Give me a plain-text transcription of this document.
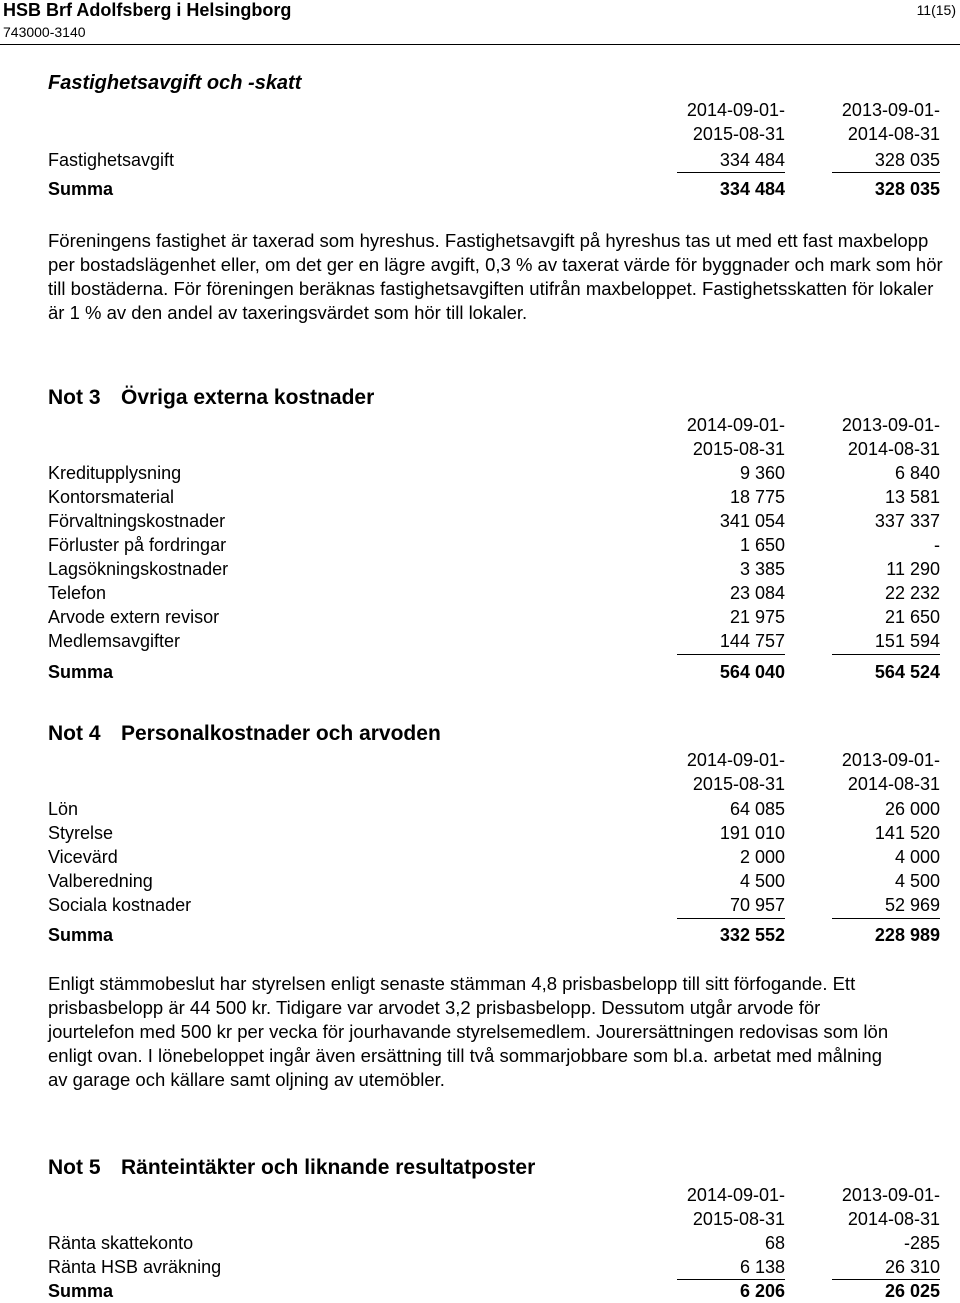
HSB Brf Adolfsberg i Helsingborg
743000-3140
11(15)
Fastighetsavgift och -skatt
2014-09-01-
2015-08-31
2013-09-01-
2014-08-31
Fastighetsavgift	334 484	328 035
Summa	334 484	328 035
Föreningens fastighet är taxerad som hyreshus. Fastighetsavgift på hyreshus tas ut med ett fast maxbelopp per bostadslägenhet eller, om det ger en lägre avgift, 0,3 % av taxerat värde för byggnader och mark som hör till bostäderna. För föreningen beräknas fastighetsavgiften utifrån maxbeloppet. Fastighetsskatten för lokaler är 1 % av den andel av taxeringsvärdet som hör till lokaler.
Not 3 Övriga externa kostnader
2014-09-01-
2015-08-31
2013-09-01-
2014-08-31
Kreditupplysning	9 360	6 840
Kontorsmaterial	18 775	13 581
Förvaltningskostnader	341 054	337 337
Förluster på fordringar	1 650	-
Lagsökningskostnader	3 385	11 290
Telefon	23 084	22 232
Arvode extern revisor	21 975	21 650
Medlemsavgifter	144 757	151 594
Summa	564 040	564 524
Not 4 Personalkostnader och arvoden
2014-09-01-
2015-08-31
2013-09-01-
2014-08-31
Lön	64 085	26 000
Styrelse	191 010	141 520
Vicevärd	2 000	4 000
Valberedning	4 500	4 500
Sociala kostnader	70 957	52 969
Summa	332 552	228 989
Enligt stämmobeslut har styrelsen enligt senaste stämman 4,8 prisbasbelopp till sitt förfogande. Ett prisbasbelopp är 44 500 kr. Tidigare var arvodet 3,2 prisbasbelopp. Dessutom utgår arvode för jourtelefon med 500 kr per vecka för jourhavande styrelsemedlem. Jourersättningen redovisas som lön enligt ovan. I lönebeloppet ingår även ersättning till två sommarjobbare som bl.a. arbetat med målning av garage och källare samt oljning av utemöbler.
Not 5 Ränteintäkter och liknande resultatposter
2014-09-01-
2015-08-31
2013-09-01-
2014-08-31
Ränta skattekonto	68	-285
Ränta HSB avräkning	6 138	26 310
Summa	6 206	26 025
